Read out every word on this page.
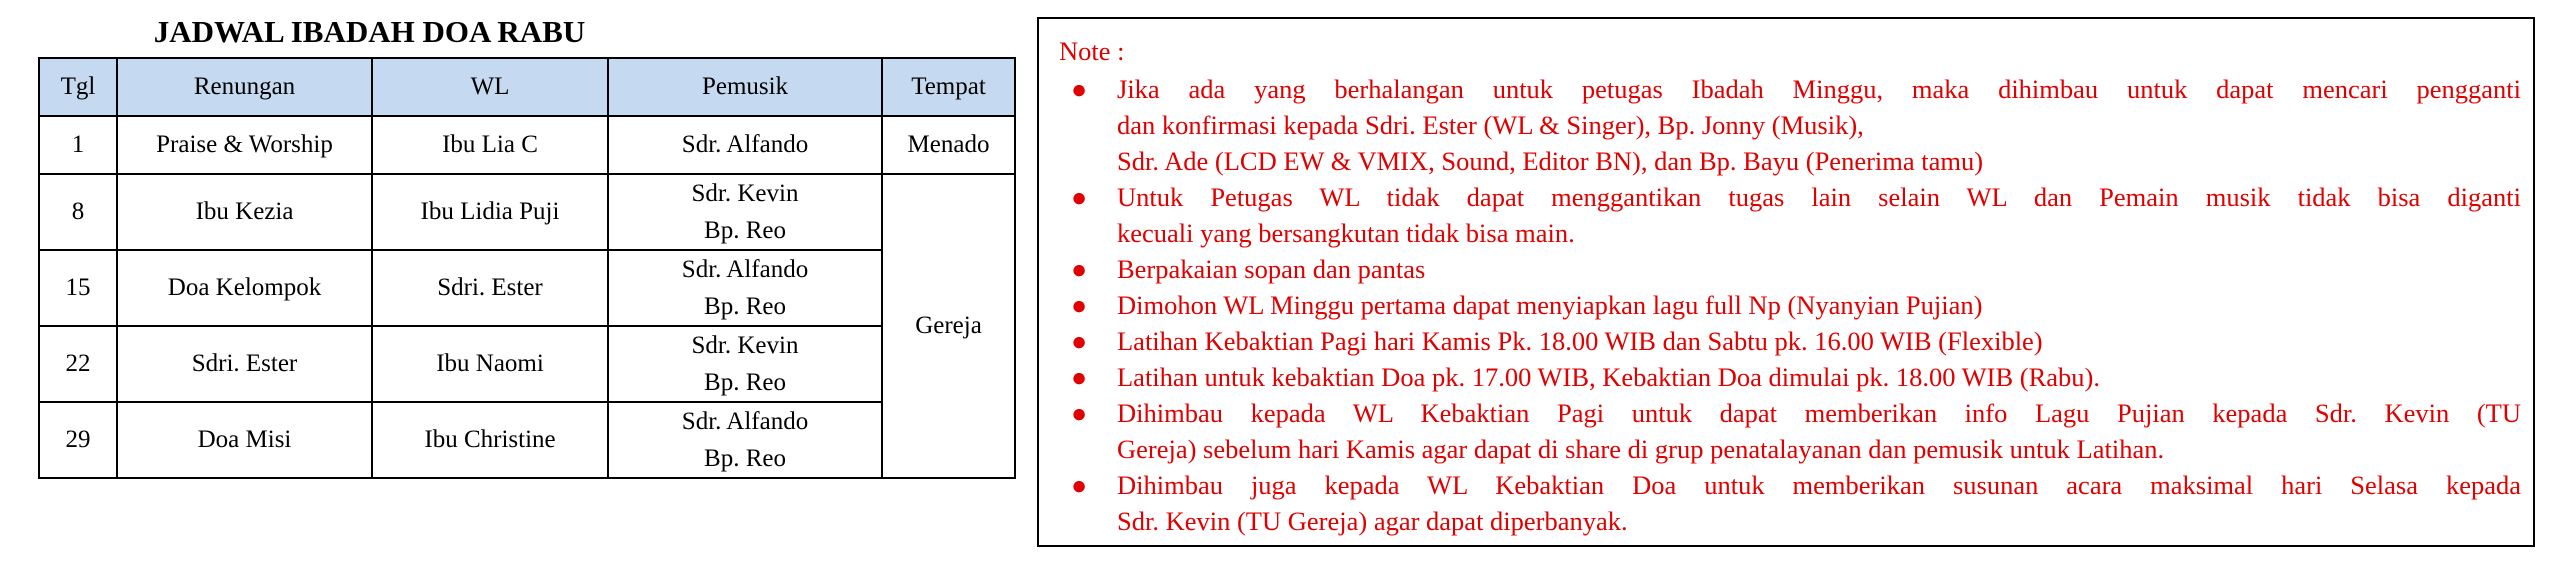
JADWAL IBADAH DOA RABU
Tgl	Renungan	WL	Pemusik	Tempat
1	Praise & Worship	Ibu Lia C	Sdr. Alfando	Menado
8	Ibu Kezia	Ibu Lidia Puji	Sdr. Kevin
Bp. Reo	Gereja
15	Doa Kelompok	Sdri. Ester	Sdr. Alfando
Bp. Reo	

22	Sdri. Ester	Ibu Naomi	Sdr. Kevin
Bp. Reo	

29	Doa Misi	Ibu Christine	Sdr. Alfando
Bp. Reo	
Note :
● Jika ada yang berhalangan untuk petugas Ibadah Minggu, maka dihimbau untuk dapat mencari pengganti
dan konfirmasi kepada Sdri. Ester (WL & Singer), Bp. Jonny (Musik),
Sdr. Ade (LCD EW & VMIX, Sound, Editor BN), dan Bp. Bayu (Penerima tamu)
● Untuk Petugas WL tidak dapat menggantikan tugas lain selain WL dan Pemain musik tidak bisa diganti
kecuali yang bersangkutan tidak bisa main.
● Berpakaian sopan dan pantas
● Dimohon WL Minggu pertama dapat menyiapkan lagu full Np (Nyanyian Pujian)
● Latihan Kebaktian Pagi hari Kamis Pk. 18.00 WIB dan Sabtu pk. 16.00 WIB (Flexible)
● Latihan untuk kebaktian Doa pk. 17.00 WIB, Kebaktian Doa dimulai pk. 18.00 WIB (Rabu).
● Dihimbau kepada WL Kebaktian Pagi untuk dapat memberikan info Lagu Pujian kepada Sdr. Kevin (TU
Gereja) sebelum hari Kamis agar dapat di share di grup penatalayanan dan pemusik untuk Latihan.
● Dihimbau juga kepada WL Kebaktian Doa untuk memberikan susunan acara maksimal hari Selasa kepada
Sdr. Kevin (TU Gereja) agar dapat diperbanyak.
